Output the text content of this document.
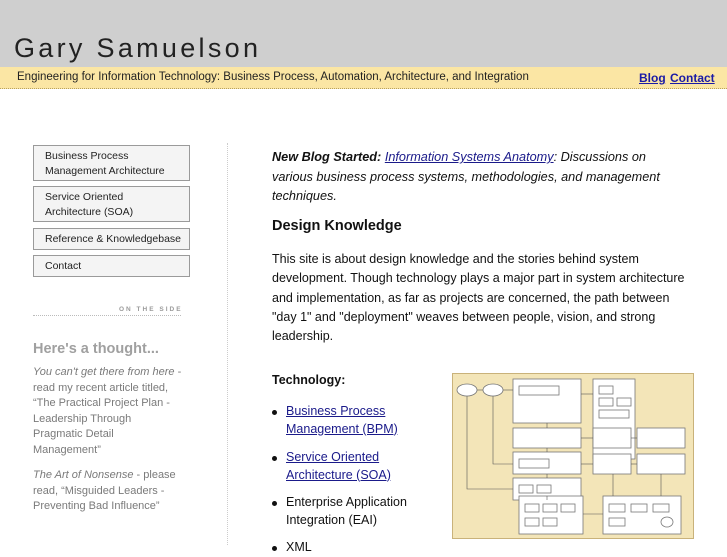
Gary Samuelson
Engineering for Information Technology: Business Process, Automation, Architecture, and Integration	Blog Contact
Business Process Management Architecture
Service Oriented Architecture (SOA)
Reference & Knowledgebase
Contact
ON THE SIDE
Here's a thought...

You can't get there from here - read my recent article titled, “The Practical Project Plan - Leadership Through Pragmatic Detail Management”

The Art of Nonsense - please read, “Misguided Leaders - Preventing Bad Influence”

New Blog Started: Information Systems Anatomy: Discussions on various business process systems, methodologies, and management techniques.

Design Knowledge

This site is about design knowledge and the stories behind system development. Though technology plays a major part in system architecture and implementation, as far as projects are concerned, the path between "day 1" and "deployment" weaves between people, vision, and strong leadership.

Technology:
Business Process Management (BPM)
Service Oriented Architecture (SOA)
Enterprise Application Integration (EAI)
XML
